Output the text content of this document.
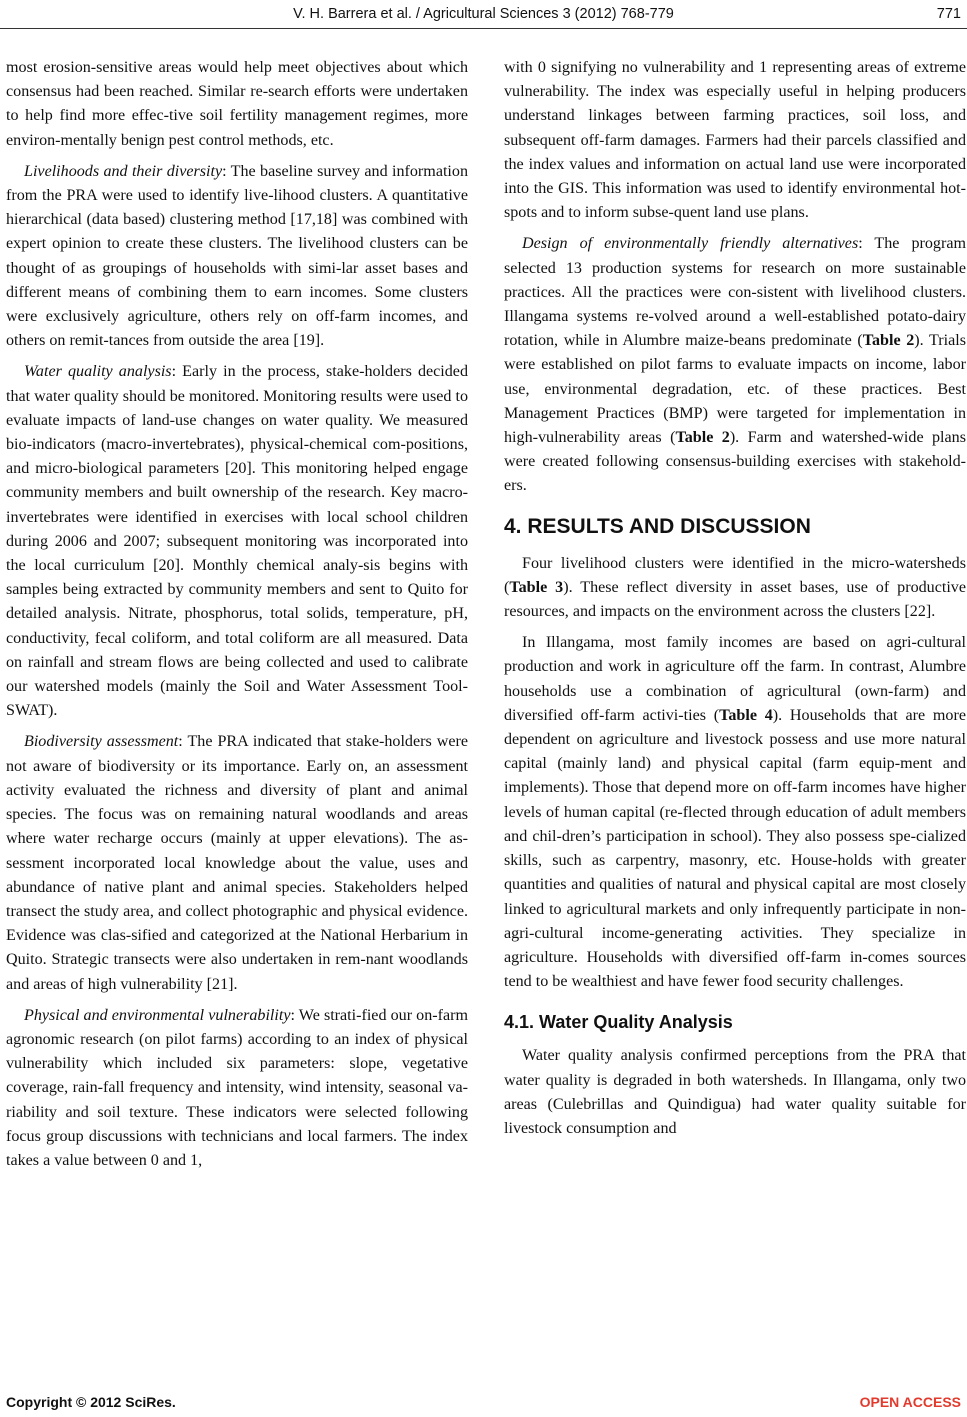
V. H. Barrera et al. / Agricultural Sciences 3 (2012) 768-779	771

most erosion-sensitive areas would help meet objectives about which consensus had been reached. Similar re-search efforts were undertaken to help find more effec-tive soil fertility management regimes, more environ-mentally benign pest control methods, etc.

Livelihoods and their diversity: The baseline survey and information from the PRA were used to identify live-lihood clusters. A quantitative hierarchical (data based) clustering method [17,18] was combined with expert opinion to create these clusters. The livelihood clusters can be thought of as groupings of households with simi-lar asset bases and different means of combining them to earn incomes. Some clusters were exclusively agriculture, others rely on off-farm incomes, and others on remit-tances from outside the area [19].

Water quality analysis: Early in the process, stake-holders decided that water quality should be monitored. Monitoring results were used to evaluate impacts of land-use changes on water quality. We measured bio-indicators (macro-invertebrates), physical-chemical com-positions, and micro-biological parameters [20]. This monitoring helped engage community members and built ownership of the research. Key macro-invertebrates were identified in exercises with local school children during 2006 and 2007; subsequent monitoring was incorporated into the local curriculum [20]. Monthly chemical analy-sis begins with samples being extracted by community members and sent to Quito for detailed analysis. Nitrate, phosphorus, total solids, temperature, pH, conductivity, fecal coliform, and total coliform are all measured. Data on rainfall and stream flows are being collected and used to calibrate our watershed models (mainly the Soil and Water Assessment Tool-SWAT).

Biodiversity assessment: The PRA indicated that stake-holders were not aware of biodiversity or its importance. Early on, an assessment activity evaluated the richness and diversity of plant and animal species. The focus was on remaining natural woodlands and areas where water recharge occurs (mainly at upper elevations). The as-sessment incorporated local knowledge about the value, uses and abundance of native plant and animal species. Stakeholders helped transect the study area, and collect photographic and physical evidence. Evidence was clas-sified and categorized at the National Herbarium in Quito. Strategic transects were also undertaken in rem-nant woodlands and areas of high vulnerability [21].

Physical and environmental vulnerability: We strati-fied our on-farm agronomic research (on pilot farms) according to an index of physical vulnerability which included six parameters: slope, vegetative coverage, rain-fall frequency and intensity, wind intensity, seasonal va-riability and soil texture. These indicators were selected following focus group discussions with technicians and local farmers. The index takes a value between 0 and 1,

with 0 signifying no vulnerability and 1 representing areas of extreme vulnerability. The index was especially useful in helping producers understand linkages between farming practices, soil loss, and subsequent off-farm damages. Farmers had their parcels classified and the index values and information on actual land use were incorporated into the GIS. This information was used to identify environmental hot-spots and to inform subse-quent land use plans.

Design of environmentally friendly alternatives: The program selected 13 production systems for research on more sustainable practices. All the practices were con-sistent with livelihood clusters. Illangama systems re-volved around a well-established potato-dairy rotation, while in Alumbre maize-beans predominate (Table 2). Trials were established on pilot farms to evaluate impacts on income, labor use, environmental degradation, etc. of these practices. Best Management Practices (BMP) were targeted for implementation in high-vulnerability areas (Table 2). Farm and watershed-wide plans were created following consensus-building exercises with stakehold-ers.

4. RESULTS AND DISCUSSION

Four livelihood clusters were identified in the micro-watersheds (Table 3). These reflect diversity in asset bases, use of productive resources, and impacts on the environment across the clusters [22].

In Illangama, most family incomes are based on agri-cultural production and work in agriculture off the farm. In contrast, Alumbre households use a combination of agricultural (own-farm) and diversified off-farm activi-ties (Table 4). Households that are more dependent on agriculture and livestock possess and use more natural capital (mainly land) and physical capital (farm equip-ment and implements). Those that depend more on off-farm incomes have higher levels of human capital (re-flected through education of adult members and chil-dren’s participation in school). They also possess spe-cialized skills, such as carpentry, masonry, etc. House-holds with greater quantities and qualities of natural and physical capital are most closely linked to agricultural markets and only infrequently participate in non-agri-cultural income-generating activities. They specialize in agriculture. Households with diversified off-farm in-comes sources tend to be wealthiest and have fewer food security challenges.

4.1. Water Quality Analysis

Water quality analysis confirmed perceptions from the PRA that water quality is degraded in both watersheds. In Illangama, only two areas (Culebrillas and Quindigua) had water quality suitable for livestock consumption and

Copyright © 2012 SciRes.	OPEN ACCESS
